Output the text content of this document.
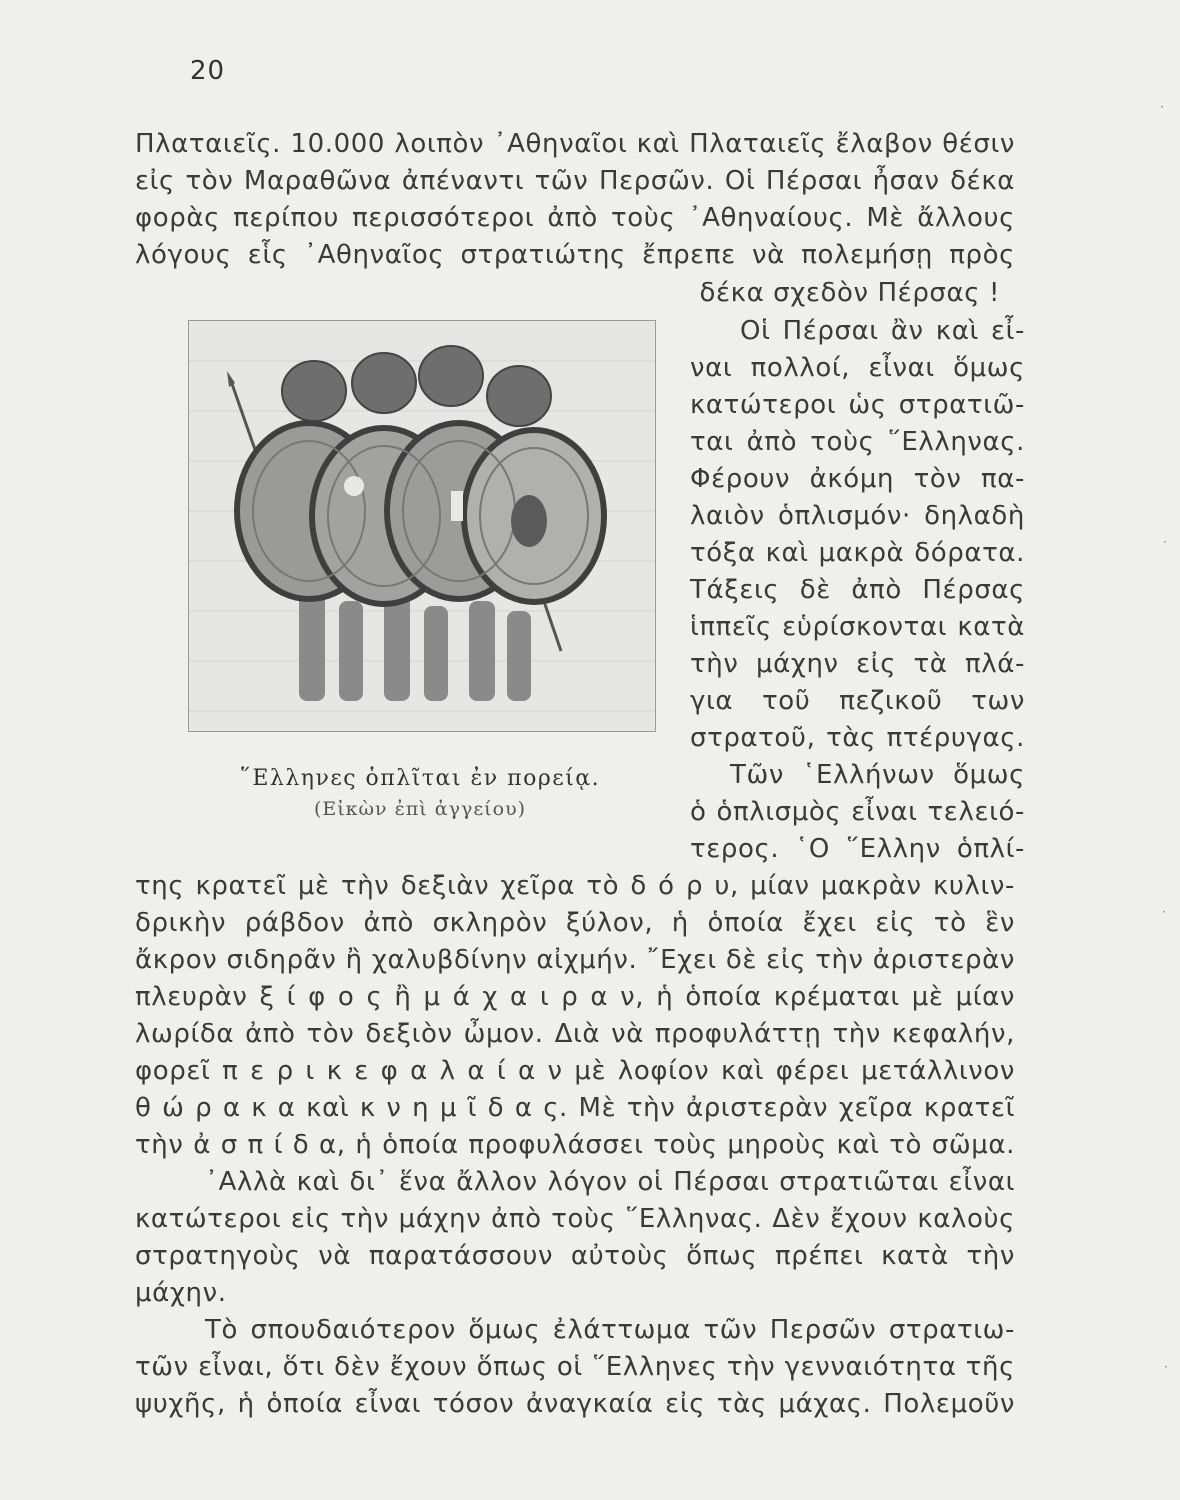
20
Πλαταιεῖς. 10.000 λοιπὸν ᾿Αθηναῖοι καὶ Πλαταιεῖς ἔλαβον θέσιν
εἰς τὸν Μαραθῶνα ἀπέναντι τῶν Περσῶν. Οἱ Πέρσαι ἦσαν δέκα
φορὰς περίπου περισσότεροι ἀπὸ τοὺς ᾿Αθηναίους. Μὲ ἄλλους
λόγους εἷς ᾿Αθηναῖος στρατιώτης ἔπρεπε νὰ πολεμήσῃ πρὸς
δέκα σχεδὸν Πέρσας !
῞Ελληνες ὁπλῖται ἐν πορείᾳ.
(Εἰκὼν ἐπὶ ἀγγείου)
Οἱ Πέρσαι ἂν καὶ εἶ-
ναι πολλοί, εἶναι ὅμως
κατώτεροι ὡς στρατιῶ-
ται ἀπὸ τοὺς ῞Ελληνας.
Φέρουν ἀκόμη τὸν πα-
λαιὸν ὁπλισμόν· δηλαδὴ
τόξα καὶ μακρὰ δόρατα.
Τάξεις δὲ ἀπὸ Πέρσας
ἱππεῖς εὑρίσκονται κατὰ
τὴν μάχην εἰς τὰ πλά-
για τοῦ πεζικοῦ των
στρατοῦ, τὰς πτέρυγας.
Τῶν ῾Ελλήνων ὅμως
ὁ ὁπλισμὸς εἶναι τελειό-
τερος. ῾Ο ῞Ελλην ὁπλί-
της κρατεῖ μὲ τὴν δεξιὰν χεῖρα τὸ δ ό ρ υ, μίαν μακρὰν κυλιν-
δρικὴν ράβδον ἀπὸ σκληρὸν ξύλον, ἡ ὁποία ἔχει εἰς τὸ ἓν
ἄκρον σιδηρᾶν ἢ χαλυβδίνην αἰχμήν. ῎Εχει δὲ εἰς τὴν ἀριστερὰν
πλευρὰν ξ ί φ ο ς ἢ μ ά χ α ι ρ α ν, ἡ ὁποία κρέμαται μὲ μίαν
λωρίδα ἀπὸ τὸν δεξιὸν ὦμον. Διὰ νὰ προφυλάττῃ τὴν κεφαλήν,
φορεῖ π ε ρ ι κ ε φ α λ α ί α ν μὲ λοφίον καὶ φέρει μετάλλινον
θ ώ ρ α κ α καὶ κ ν η μ ῖ δ α ς. Μὲ τὴν ἀριστερὰν χεῖρα κρατεῖ
τὴν ἀ σ π ί δ α, ἡ ὁποία προφυλάσσει τοὺς μηροὺς καὶ τὸ σῶμα.
᾿Αλλὰ καὶ δι᾿ ἕνα ἄλλον λόγον οἱ Πέρσαι στρατιῶται εἶναι
κατώτεροι εἰς τὴν μάχην ἀπὸ τοὺς ῞Ελληνας. Δὲν ἔχουν καλοὺς
στρατηγοὺς νὰ παρατάσσουν αὐτοὺς ὅπως πρέπει κατὰ τὴν
μάχην.
Τὸ σπουδαιότερον ὅμως ἐλάττωμα τῶν Περσῶν στρατιω-
τῶν εἶναι, ὅτι δὲν ἔχουν ὅπως οἱ ῞Ελληνες τὴν γενναιότητα τῆς
ψυχῆς, ἡ ὁποία εἶναι τόσον ἀναγκαία εἰς τὰς μάχας. Πολεμοῦν
·
·
·
·
